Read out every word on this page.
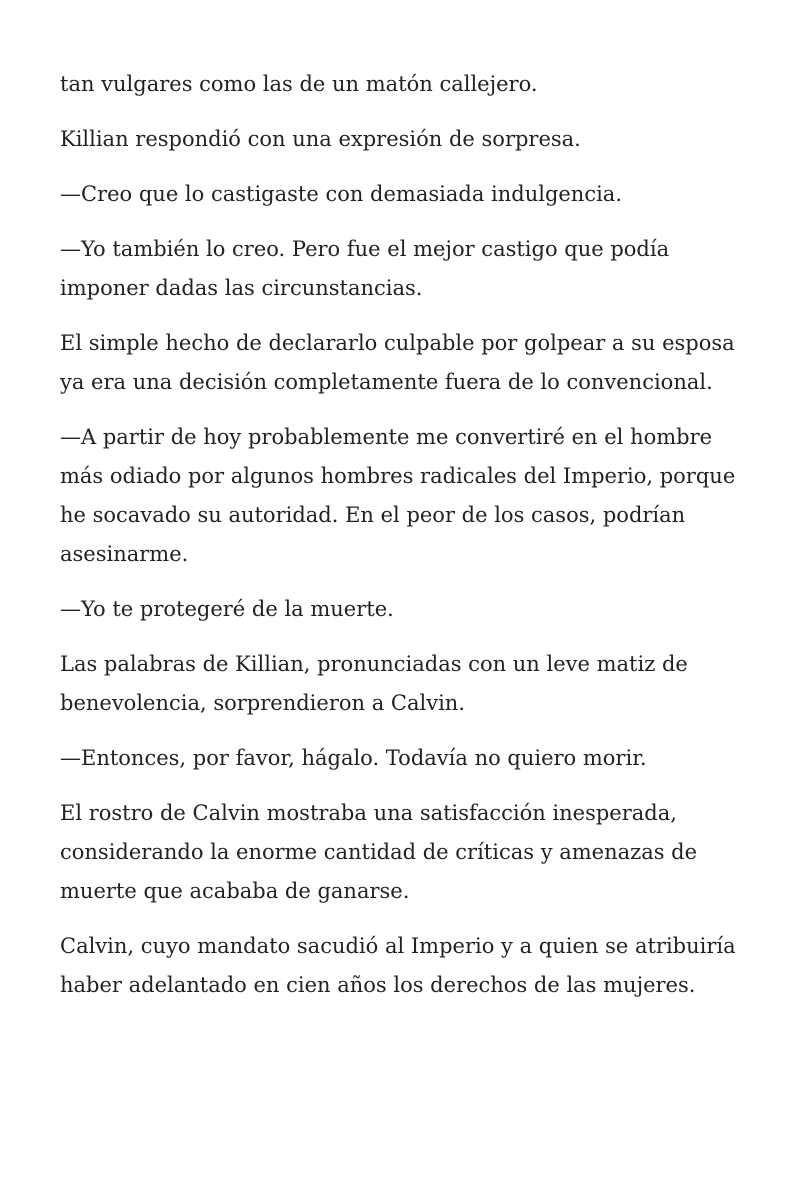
tan vulgares como las de un matón callejero.

Killian respondió con una expresión de sorpresa.

—Creo que lo castigaste con demasiada indulgencia.

—Yo también lo creo. Pero fue el mejor castigo que podía imponer dadas las circunstancias.

El simple hecho de declararlo culpable por golpear a su esposa ya era una decisión completamente fuera de lo convencional.

—A partir de hoy probablemente me convertiré en el hombre más odiado por algunos hombres radicales del Imperio, porque he socavado su autoridad. En el peor de los casos, podrían asesinarme.

—Yo te protegeré de la muerte.

Las palabras de Killian, pronunciadas con un leve matiz de benevolencia, sorprendieron a Calvin.

—Entonces, por favor, hágalo. Todavía no quiero morir.

El rostro de Calvin mostraba una satisfacción inesperada, considerando la enorme cantidad de críticas y amenazas de muerte que acababa de ganarse.

Calvin, cuyo mandato sacudió al Imperio y a quien se atribuiría haber adelantado en cien años los derechos de las mujeres.
